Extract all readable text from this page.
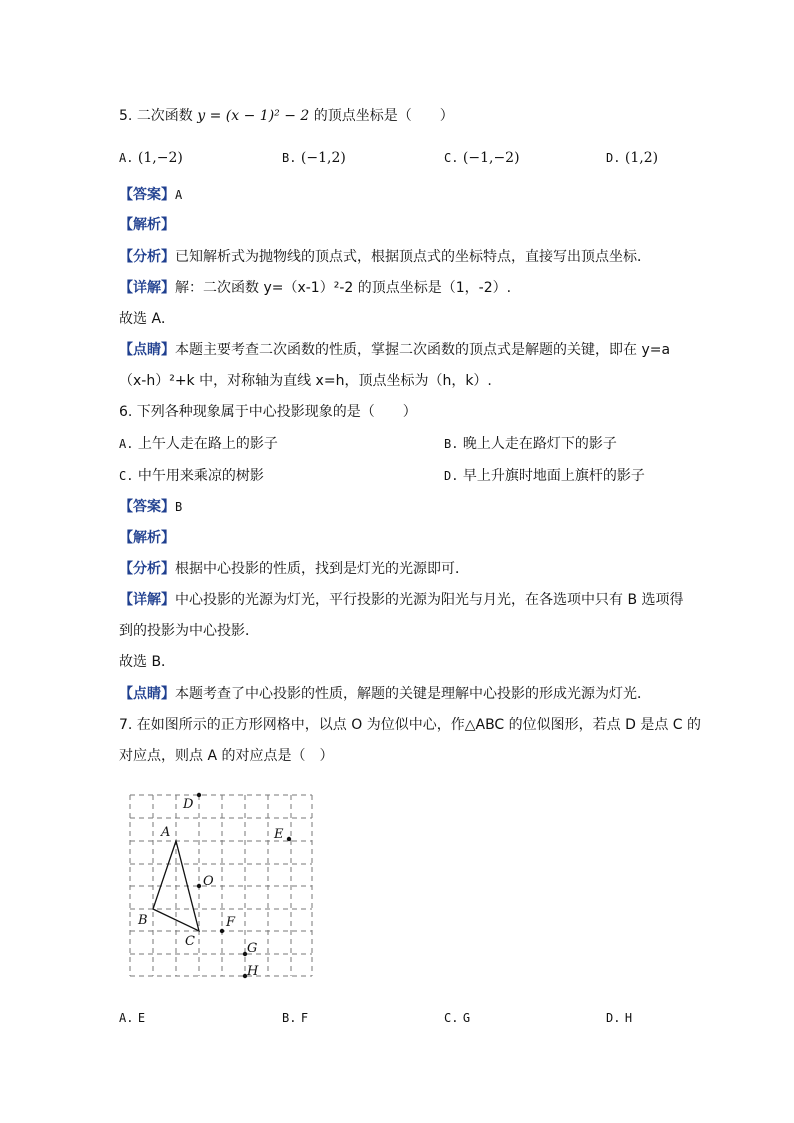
5. 二次函数 y = (x − 1)² − 2 的顶点坐标是（　　）
A. (1,−2)	B. (−1,2)	C. (−1,−2)	D. (1,2)
【答案】A
【解析】
【分析】已知解析式为抛物线的顶点式，根据顶点式的坐标特点，直接写出顶点坐标．
【详解】解：二次函数 y=（x-1）²-2 的顶点坐标是（1，-2）.
故选 A．
【点睛】本题主要考查二次函数的性质，掌握二次函数的顶点式是解题的关键，即在 y=a
（x-h）²+k 中，对称轴为直线 x=h，顶点坐标为（h，k）.
6. 下列各种现象属于中心投影现象的是（　　）
A. 上午人走在路上的影子	B. 晚上人走在路灯下的影子
C. 中午用来乘凉的树影	D. 早上升旗时地面上旗杆的影子
【答案】B
【解析】
【分析】根据中心投影的性质，找到是灯光的光源即可．
【详解】中心投影的光源为灯光，平行投影的光源为阳光与月光，在各选项中只有 B 选项得
到的投影为中心投影．
故选 B．
【点睛】本题考查了中心投影的性质，解题的关键是理解中心投影的形成光源为灯光．
7. 在如图所示的正方形网格中，以点 O 为位似中心，作△ABC 的位似图形，若点 D 是点 C 的
对应点，则点 A 的对应点是（　）
D
A	E
O
B	F
C	G
H
A. E	B. F	C. G	D. H
